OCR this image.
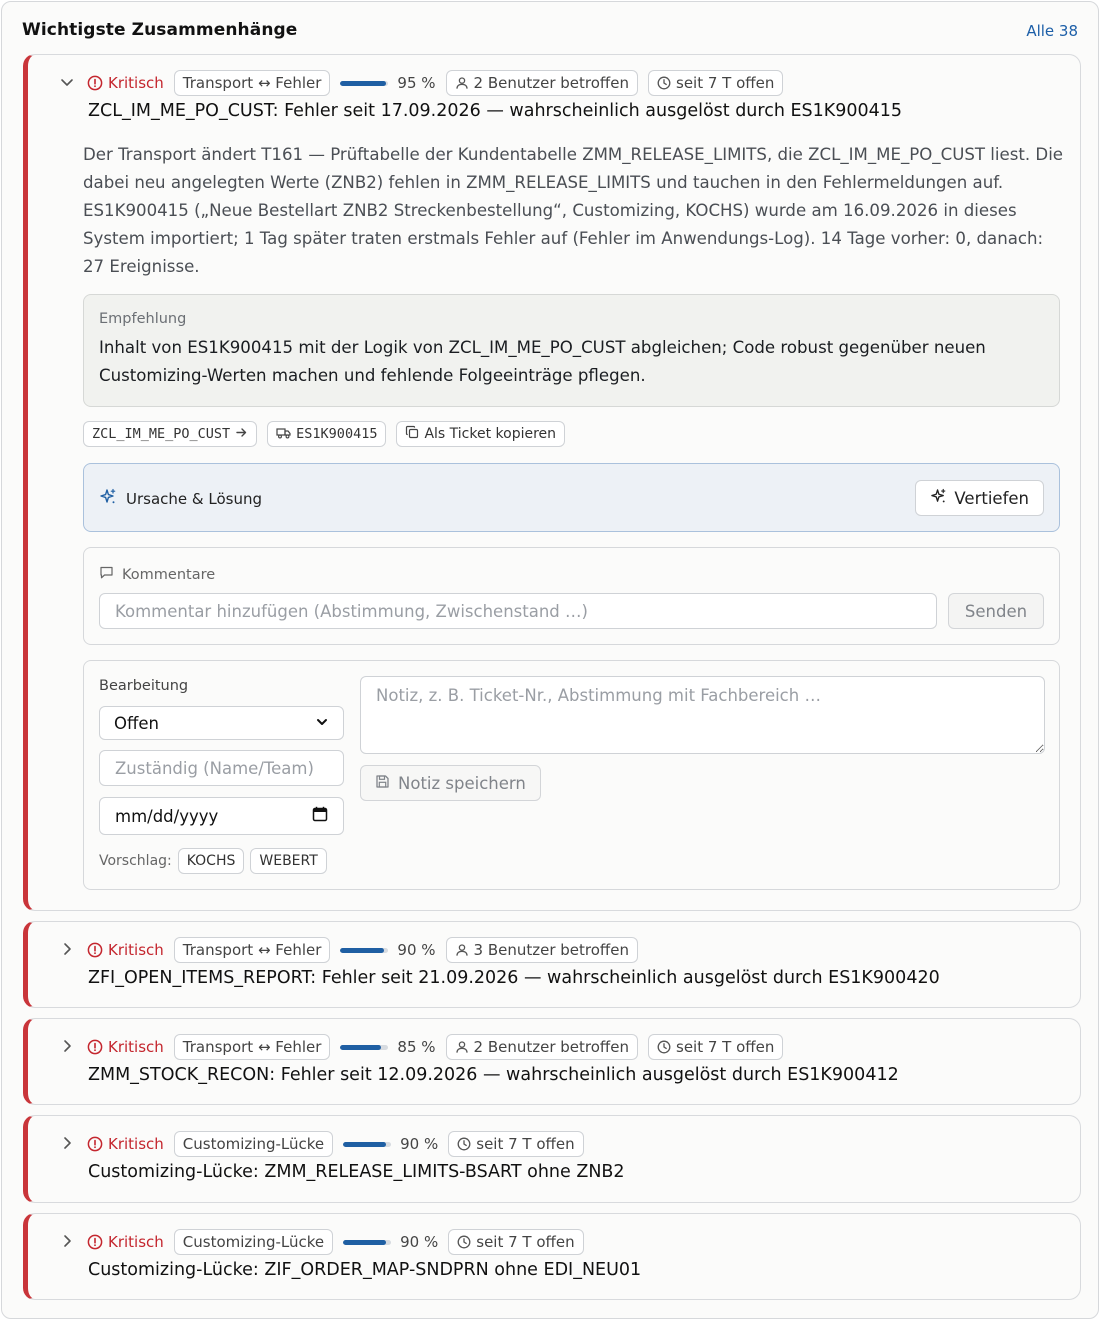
Wichtigste Zusammenhänge	Alle 38
Kritisch	Transport ↔ Fehler	95 %	2 Benutzer betroffen	seit 7 T offen
ZCL_IM_ME_PO_CUST: Fehler seit 17.09.2026 — wahrscheinlich ausgelöst durch ES1K900415
Der Transport ändert T161 — Prüftabelle der Kundentabelle ZMM_RELEASE_LIMITS, die ZCL_IM_ME_PO_CUST liest. Die dabei neu angelegten Werte (ZNB2) fehlen in ZMM_RELEASE_LIMITS und tauchen in den Fehlermeldungen auf. ES1K900415 („Neue Bestellart ZNB2 Streckenbestellung“, Customizing, KOCHS) wurde am 16.09.2026 in dieses System importiert; 1 Tag später traten erstmals Fehler auf (Fehler im Anwendungs-Log). 14 Tage vorher: 0, danach: 27 Ereignisse.
Empfehlung
Inhalt von ES1K900415 mit der Logik von ZCL_IM_ME_PO_CUST abgleichen; Code robust gegenüber neuen Customizing-Werten machen und fehlende Folgeeinträge pflegen.
ZCL_IM_ME_PO_CUST	ES1K900415	Als Ticket kopieren
Ursache & Lösung	Vertiefen
Kommentare
Kommentar hinzufügen (Abstimmung, Zwischenstand …)
Senden
Bearbeitung
Offen
Zuständig (Name/Team)
mm/dd/yyyy
Vorschlag:	KOCHS	WEBERT
Notiz, z. B. Ticket-Nr., Abstimmung mit Fachbereich …
Notiz speichern
Kritisch	Transport ↔ Fehler	90 %	3 Benutzer betroffen
ZFI_OPEN_ITEMS_REPORT: Fehler seit 21.09.2026 — wahrscheinlich ausgelöst durch ES1K900420
Kritisch	Transport ↔ Fehler	85 %	2 Benutzer betroffen	seit 7 T offen
ZMM_STOCK_RECON: Fehler seit 12.09.2026 — wahrscheinlich ausgelöst durch ES1K900412
Kritisch	Customizing-Lücke	90 %	seit 7 T offen
Customizing-Lücke: ZMM_RELEASE_LIMITS-BSART ohne ZNB2
Kritisch	Customizing-Lücke	90 %	seit 7 T offen
Customizing-Lücke: ZIF_ORDER_MAP-SNDPRN ohne EDI_NEU01
